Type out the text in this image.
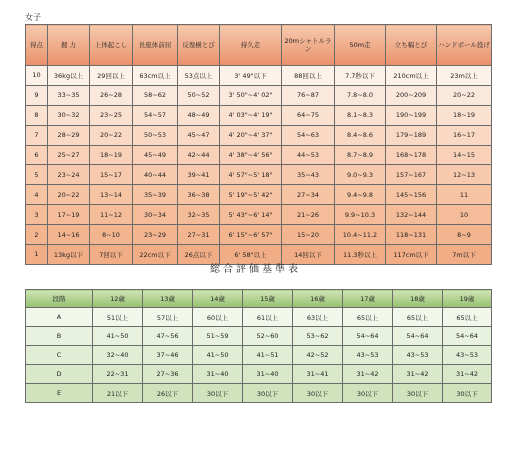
女子
得点	握 力	上体起こし	長座体前屈	反復横とび	持久走	20mシャトルラン	50m走	立ち幅とび	ハンドボール投げ
10	36kg以上	29回以上	63cm以上	53点以上	3' 49"以下	88回以上	7.7秒以下	210cm以上	23m以上
9	33~35	26~28	58~62	50~52	3' 50"~4' 02"	76~87	7.8~8.0	200~209	20~22
8	30~32	23~25	54~57	48~49	4' 03"~4' 19"	64~75	8.1~8.3	190~199	18~19
7	28~29	20~22	50~53	45~47	4' 20"~4' 37"	54~63	8.4~8.6	179~189	16~17
6	25~27	18~19	45~49	42~44	4' 38"~4' 56"	44~53	8.7~8.9	168~178	14~15
5	23~24	15~17	40~44	39~41	4' 57"~5' 18"	35~43	9.0~9.3	157~167	12~13
4	20~22	13~14	35~39	36~38	5' 19"~5' 42"	27~34	9.4~9.8	145~156	11
3	17~19	11~12	30~34	32~35	5' 43"~6' 14"	21~26	9.9~10.3	132~144	10
2	14~16	8~10	23~29	27~31	6' 15"~6' 57"	15~20	10.4~11.2	118~131	8~9
1	13kg以下	7回以下	22cm以下	26点以下	6' 58"以上	14回以下	11.3秒以上	117cm以下	7m以下
総合評価基準表
段階	12歳	13歳	14歳	15歳	16歳	17歳	18歳	19歳
A	51以上	57以上	60以上	61以上	63以上	65以上	65以上	65以上
B	41~50	47~56	51~59	52~60	53~62	54~64	54~64	54~64
C	32~40	37~46	41~50	41~51	42~52	43~53	43~53	43~53
D	22~31	27~36	31~40	31~40	31~41	31~42	31~42	31~42
E	21以下	26以下	30以下	30以下	30以下	30以下	30以下	30以下
